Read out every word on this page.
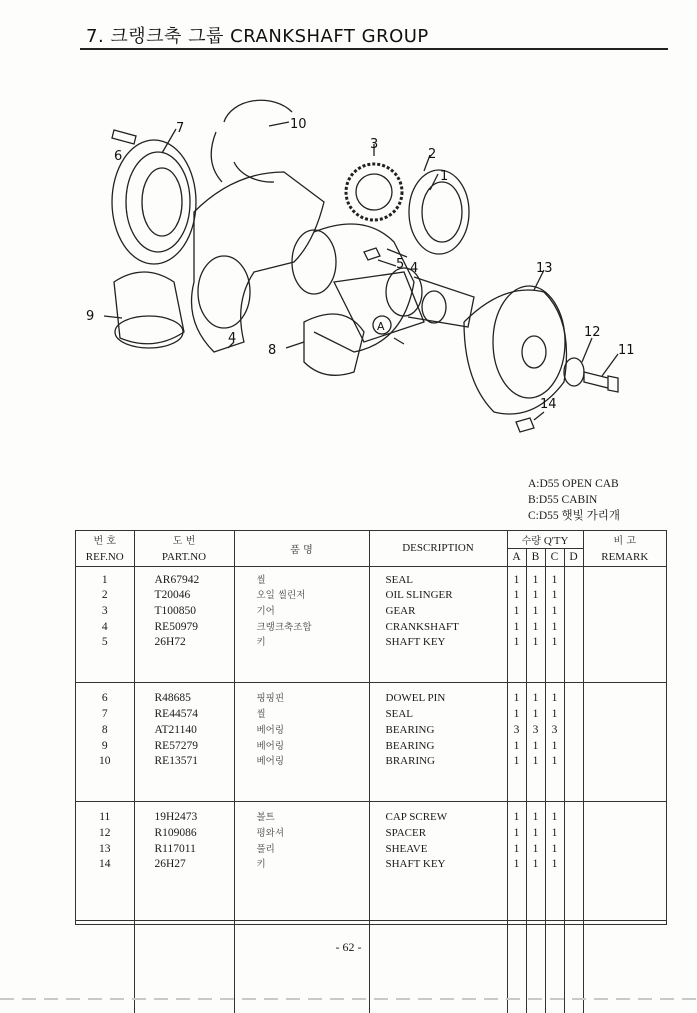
7. 크랭크축 그룹 CRANKSHAFT GROUP
7
6
10
3
2
1
5 4	13
9
4
8
12
11
14
A
A:D55 OPEN CAB
B:D55 CABIN
C:D55 햇빛 가리개
번 호	도 번	품 명	DESCRIPTION	수량 Q'TY				비 고
REF.NO	PART.NO			A	B	C	D	REMARK

1	AR67942	씰	SEAL	1	1	1		
2	T20046	오일 씰린저	OIL SLINGER	1	1	1		
3	T100850	기어	GEAR	1	1	1		
4	RE50979	크랭크축조합	CRANKSHAFT	1	1	1		
5	26H72	키	SHAFT KEY	1	1	1		

6	R48685	핑핑핀	DOWEL PIN	1	1	1		
7	RE44574	씰	SEAL	1	1	1		
8	AT21140	베어링	BEARING	3	3	3		
9	RE57279	베어링	BEARING	1	1	1		
10	RE13571	베어링	BRARING	1	1	1		

11	19H2473	볼트	CAP SCREW	1	1	1		
12	R109086	평와셔	SPACER	1	1	1		
13	R117011	풀리	SHEAVE	1	1	1		
14	26H27	키	SHAFT KEY	1	1	1		

- 62 -
